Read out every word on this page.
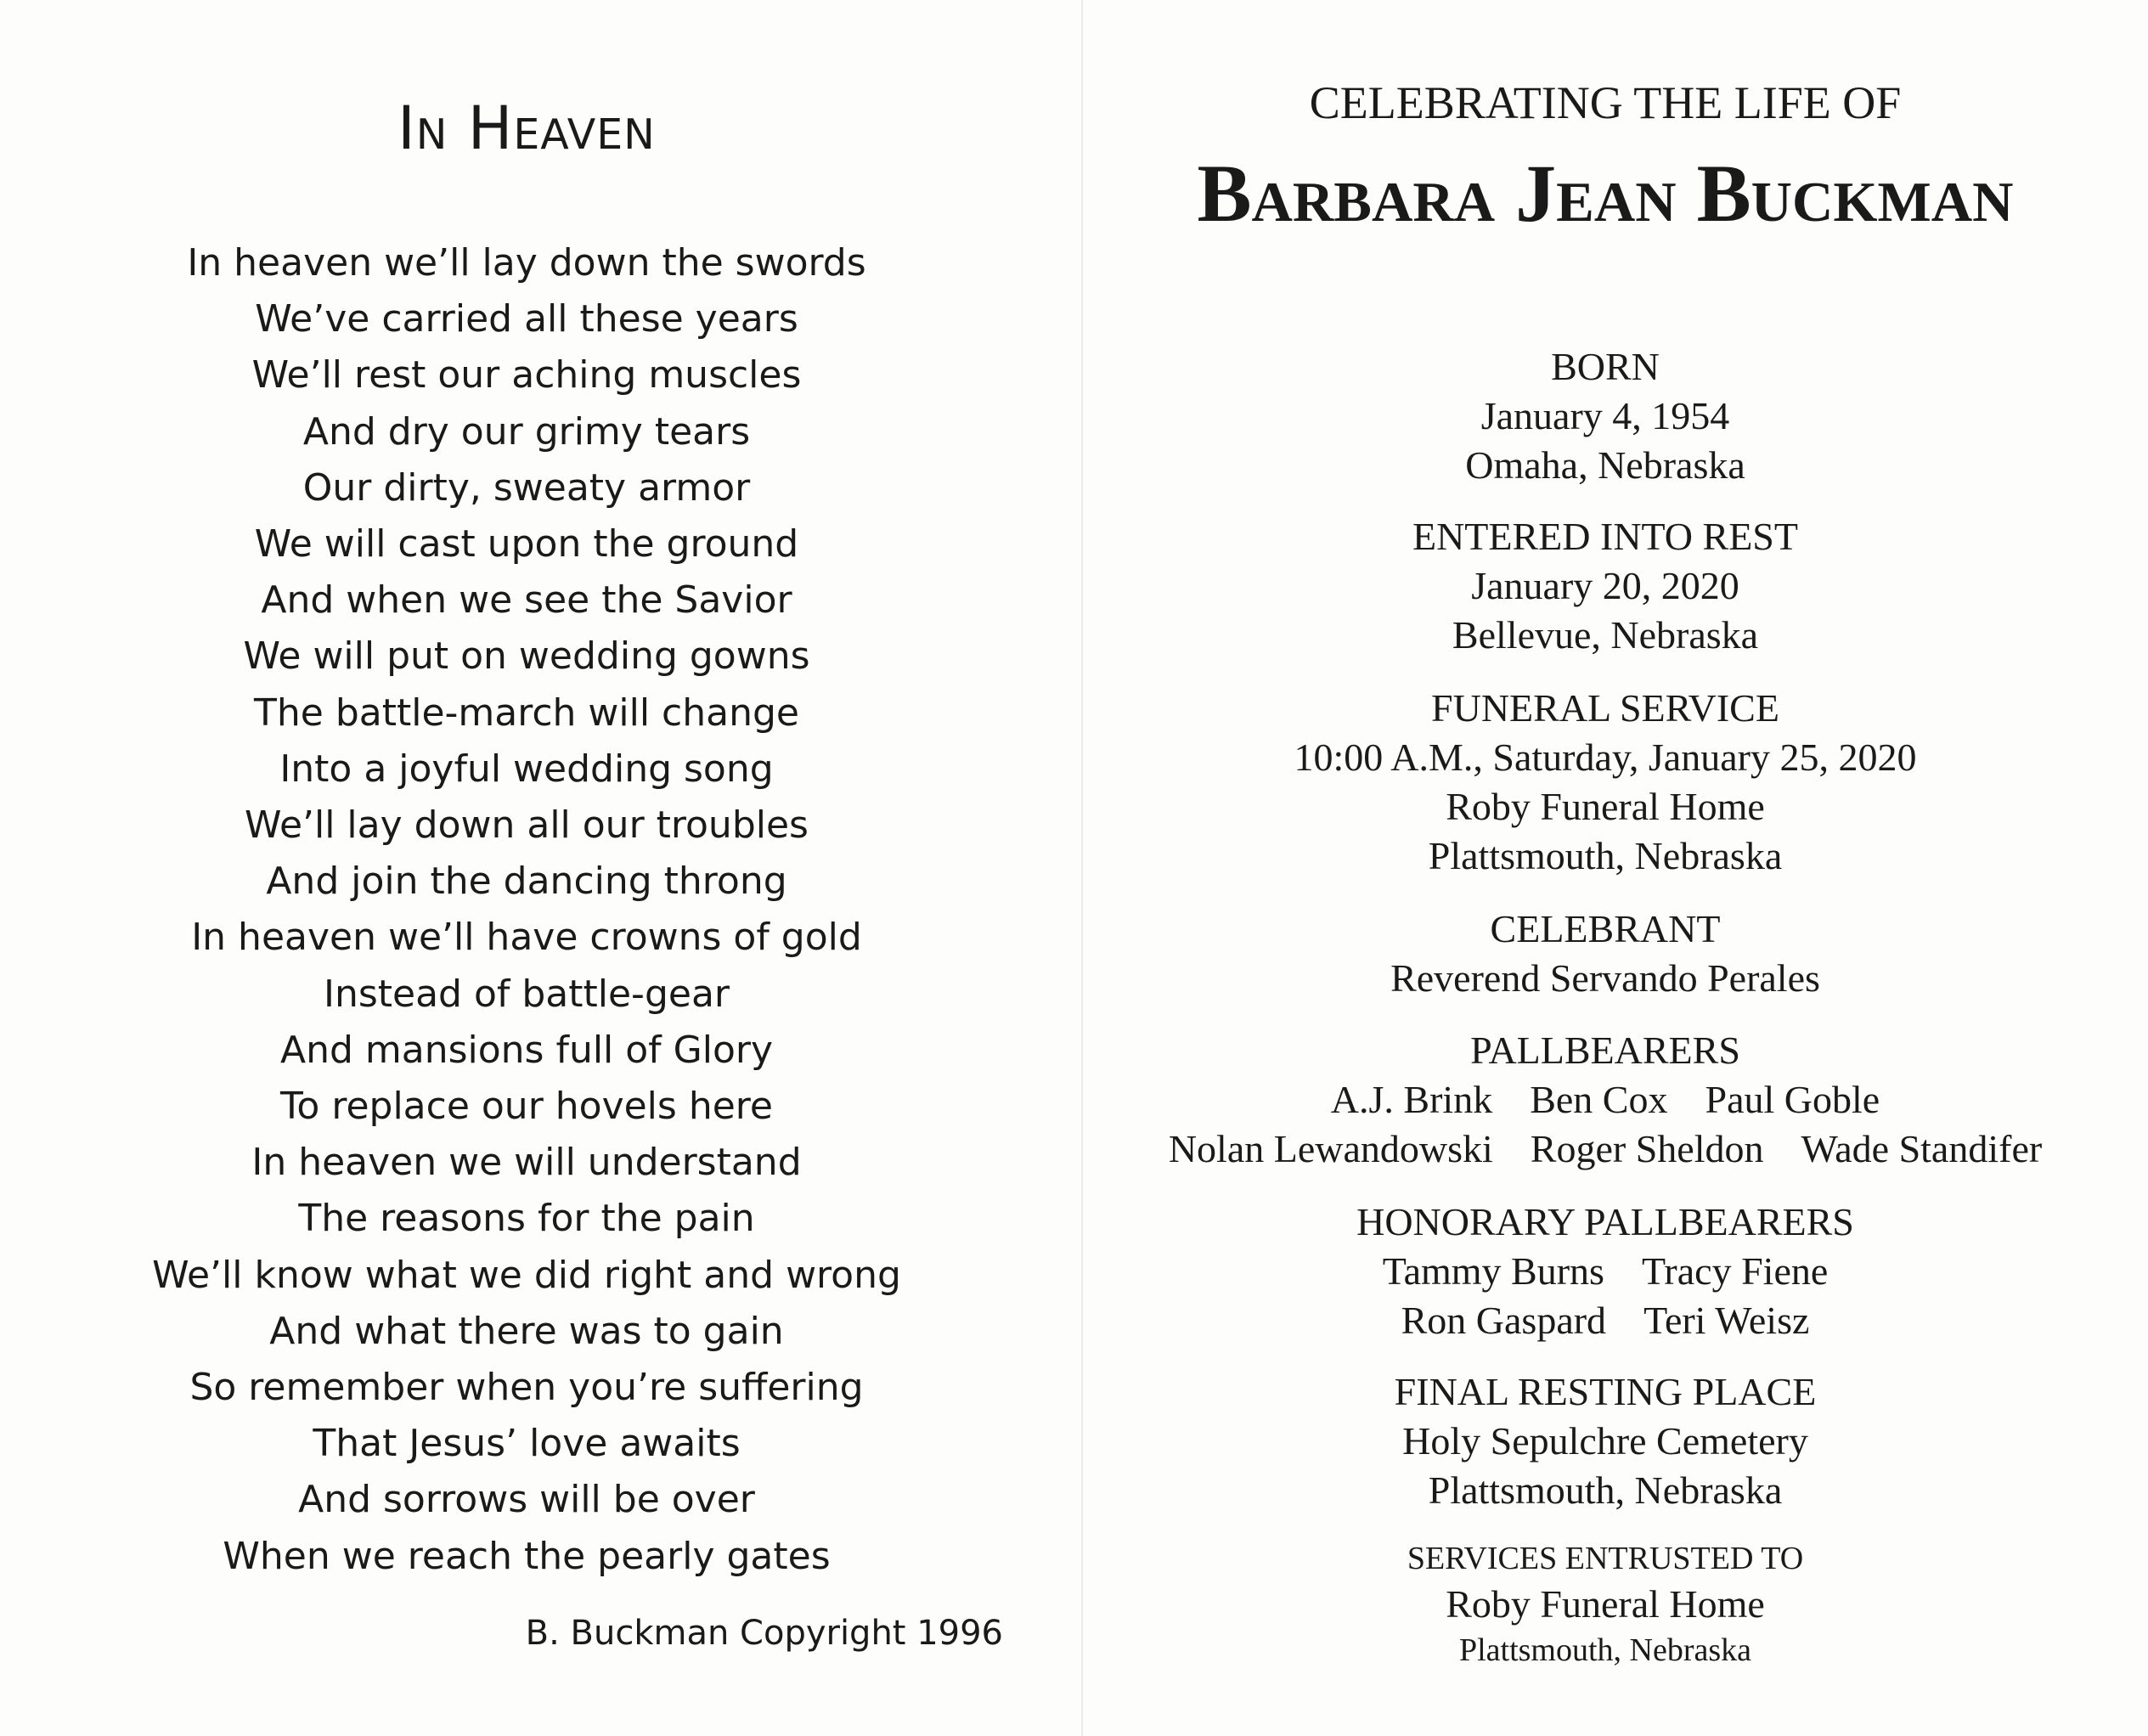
In Heaven
In heaven we’ll lay down the swords
We’ve carried all these years
We’ll rest our aching muscles
And dry our grimy tears
Our dirty, sweaty armor
We will cast upon the ground
And when we see the Savior
We will put on wedding gowns
The battle-march will change
Into a joyful wedding song
We’ll lay down all our troubles
And join the dancing throng
In heaven we’ll have crowns of gold
Instead of battle-gear
And mansions full of Glory
To replace our hovels here
In heaven we will understand
The reasons for the pain
We’ll know what we did right and wrong
And what there was to gain
So remember when you’re suffering
That Jesus’ love awaits
And sorrows will be over
When we reach the pearly gates
B. Buckman Copyright 1996
CELEBRATING THE LIFE OF
Barbara Jean Buckman
BORN
January 4, 1954
Omaha, Nebraska
ENTERED INTO REST
January 20, 2020
Bellevue, Nebraska
FUNERAL SERVICE
10:00 A.M., Saturday, January 25, 2020
Roby Funeral Home
Plattsmouth, Nebraska
CELEBRANT
Reverend Servando Perales
PALLBEARERS
A.J. Brink Ben Cox Paul Goble
Nolan Lewandowski Roger Sheldon Wade Standifer
HONORARY PALLBEARERS
Tammy Burns Tracy Fiene
Ron Gaspard Teri Weisz
FINAL RESTING PLACE
Holy Sepulchre Cemetery
Plattsmouth, Nebraska
SERVICES ENTRUSTED TO
Roby Funeral Home
Plattsmouth, Nebraska
